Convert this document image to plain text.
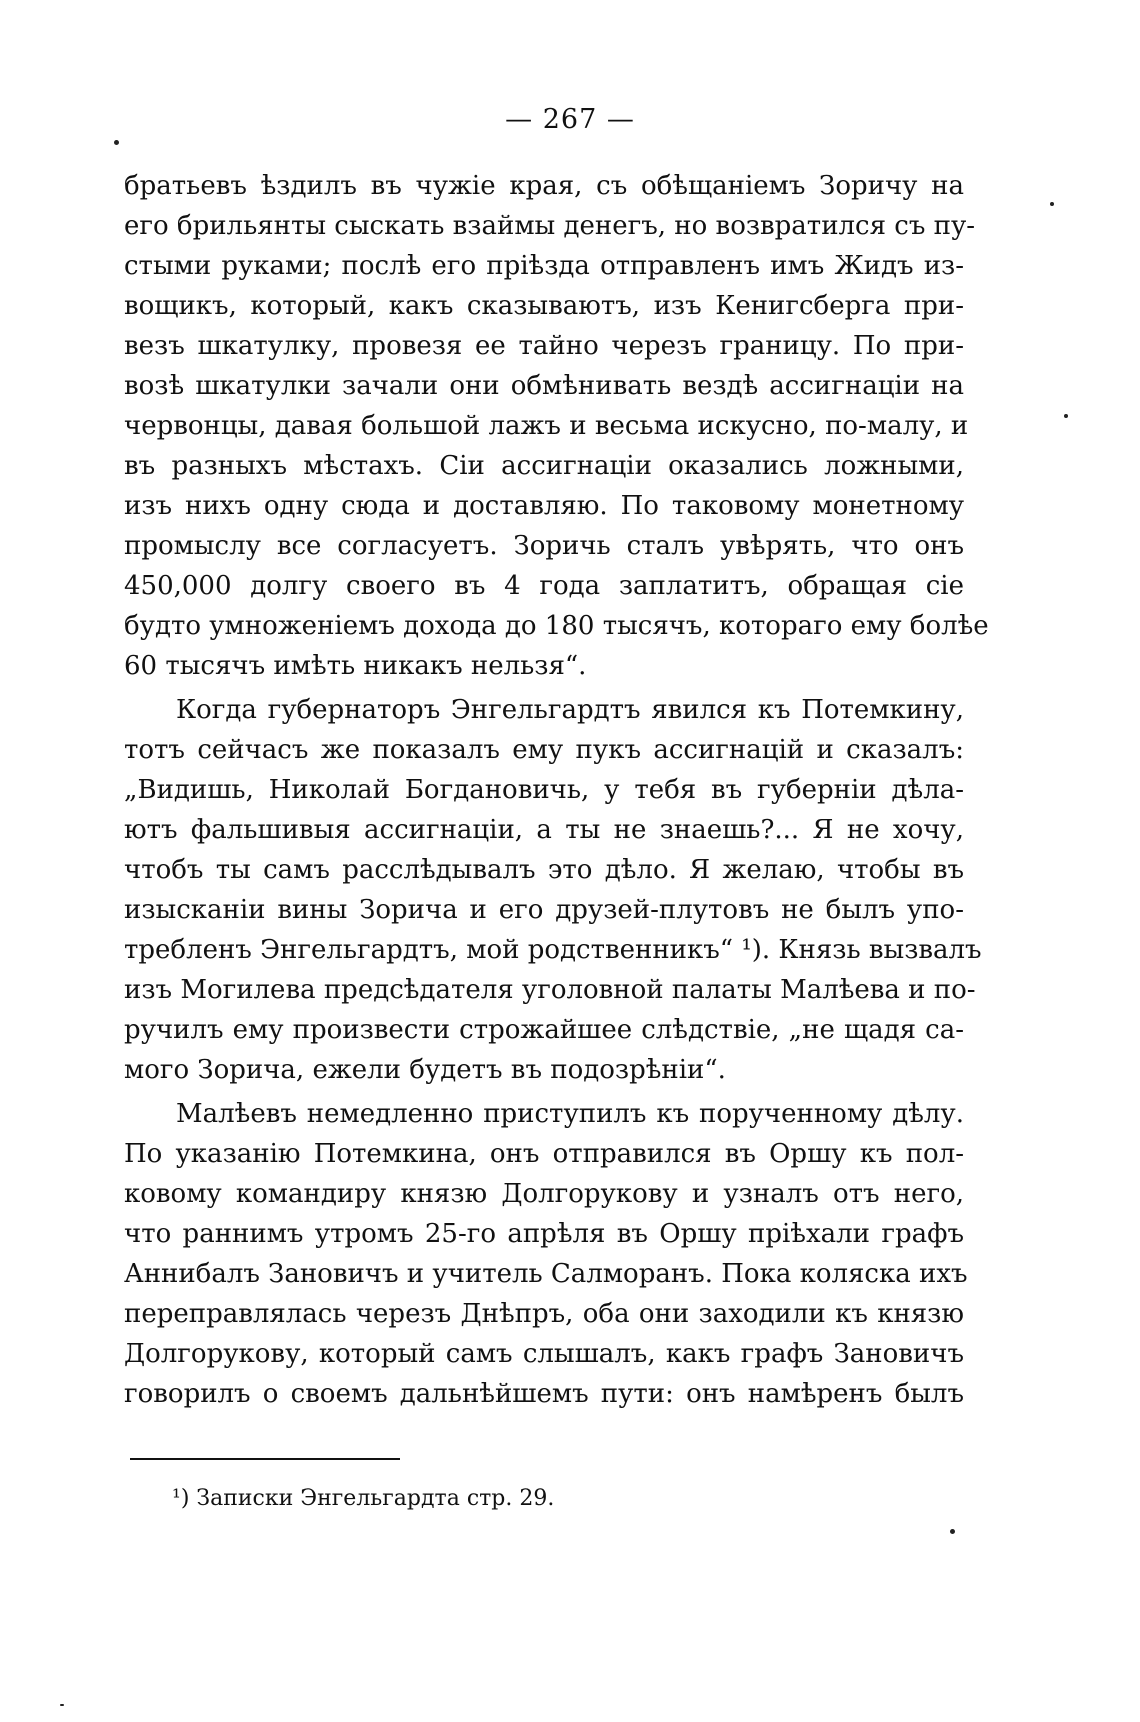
— 267 —
братьевъ ѣздилъ въ чужiе края, съ обѣщанiемъ Зоричу на
его брильянты сыскать взаймы денегъ, но возвратился съ пу-
стыми руками; послѣ его прiѣзда отправленъ имъ Жидъ из-
вощикъ, который, какъ сказываютъ, изъ Кенигсберга при-
везъ шкатулку, провезя ее тайно черезъ границу. По при-
возѣ шкатулки зачали они обмѣнивать вездѣ ассигнацiи на
червонцы, давая большой лажъ и весьма искусно, по-малу, и
въ разныхъ мѣстахъ. Сiи ассигнацiи оказались ложными,
изъ нихъ одну сюда и доставляю. По таковому монетному
промыслу все согласуетъ. Зоричь сталъ увѣрять, что онъ
450,000 долгу своего въ 4 года заплатитъ, обращая сiе
будто умноженiемъ дохода до 180 тысячъ, котораго ему болѣе
60 тысячъ имѣть никакъ нельзя“.
Когда губернаторъ Энгельгардтъ явился къ Потемкину,
тотъ сейчасъ же показалъ ему пукъ ассигнацiй и сказалъ:
„Видишь, Николай Богдановичь, у тебя въ губернiи дѣла-
ютъ фальшивыя ассигнацiи, а ты не знаешь?... Я не хочу,
чтобъ ты самъ расслѣдывалъ это дѣло. Я желаю, чтобы въ
изысканiи вины Зорича и его друзей-плутовъ не былъ упо-
требленъ Энгельгардтъ, мой родственникъ“ ¹). Князь вызвалъ
изъ Могилева предсѣдателя уголовной палаты Малѣева и по-
ручилъ ему произвести строжайшее слѣдствiе, „не щадя са-
мого Зорича, ежели будетъ въ подозрѣнiи“.
Малѣевъ немедленно приступилъ къ порученному дѣлу.
По указанiю Потемкина, онъ отправился въ Оршу къ пол-
ковому командиру князю Долгорукову и узналъ отъ него,
что раннимъ утромъ 25-го апрѣля въ Оршу прiѣхали графъ
Аннибалъ Зановичъ и учитель Салморанъ. Пока коляска ихъ
переправлялась черезъ Днѣпръ, оба они заходили къ князю
Долгорукову, который самъ слышалъ, какъ графъ Зановичъ
говорилъ о своемъ дальнѣйшемъ пути: онъ намѣренъ былъ
¹) Записки Энгельгардта стр. 29.
